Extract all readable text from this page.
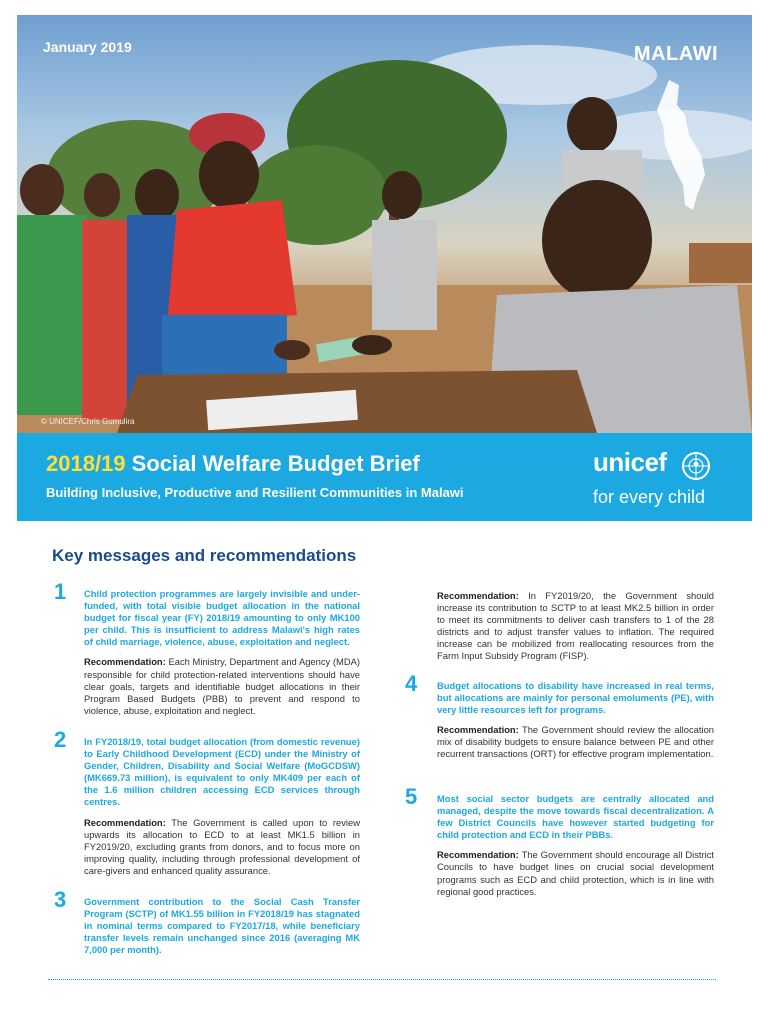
January 2019	MALAWI
© UNICEF/Chris Gumulira
2018/19 Social Welfare Budget Brief
Building Inclusive, Productive and Resilient Communities in Malawi
unicef
for every child
Key messages and recommendations
1 Child protection programmes are largely invisible and under-funded, with total visible budget allocation in the national budget for fiscal year (FY) 2018/19 amounting to only MK100 per child. This is insufficient to address Malawi's high rates of child marriage, violence, abuse, exploitation and neglect.

Recommendation: Each Ministry, Department and Agency (MDA) responsible for child protection-related interventions should have clear goals, targets and identifiable budget allocations in their Program Based Budgets (PBB) to prevent and respond to violence, abuse, exploitation and neglect.

2 In FY2018/19, total budget allocation (from domestic revenue) to Early Childhood Development (ECD) under the Ministry of Gender, Children, Disability and Social Welfare (MoGCDSW) (MK669.73 million), is equivalent to only MK409 per each of the 1.6 million children accessing ECD services through centres.

Recommendation: The Government is called upon to review upwards its allocation to ECD to at least MK1.5 billion in FY2019/20, excluding grants from donors, and to focus more on improving quality, including through professional development of care-givers and enhanced quality assurance.

3 Government contribution to the Social Cash Transfer Program (SCTP) of MK1.55 billion in FY2018/19 has stagnated in nominal terms compared to FY2017/18, while beneficiary transfer levels remain unchanged since 2016 (averaging MK 7,000 per month).

Recommendation: In FY2019/20, the Government should increase its contribution to SCTP to at least MK2.5 billion in order to meet its commitments to deliver cash transfers to 1 of the 28 districts and to adjust transfer values to inflation. The required increase can be mobilized from reallocating resources from the Farm Input Subsidy Program (FISP).

4 Budget allocations to disability have increased in real terms, but allocations are mainly for personal emoluments (PE), with very little resources left for programs.

Recommendation: The Government should review the allocation mix of disability budgets to ensure balance between PE and other recurrent transactions (ORT) for effective program implementation.

5 Most social sector budgets are centrally allocated and managed, despite the move towards fiscal decentralization. A few District Councils have however started budgeting for child protection and ECD in their PBBs.

Recommendation: The Government should encourage all District Councils to have budget lines on crucial social development programs such as ECD and child protection, which is in line with regional good practices.
